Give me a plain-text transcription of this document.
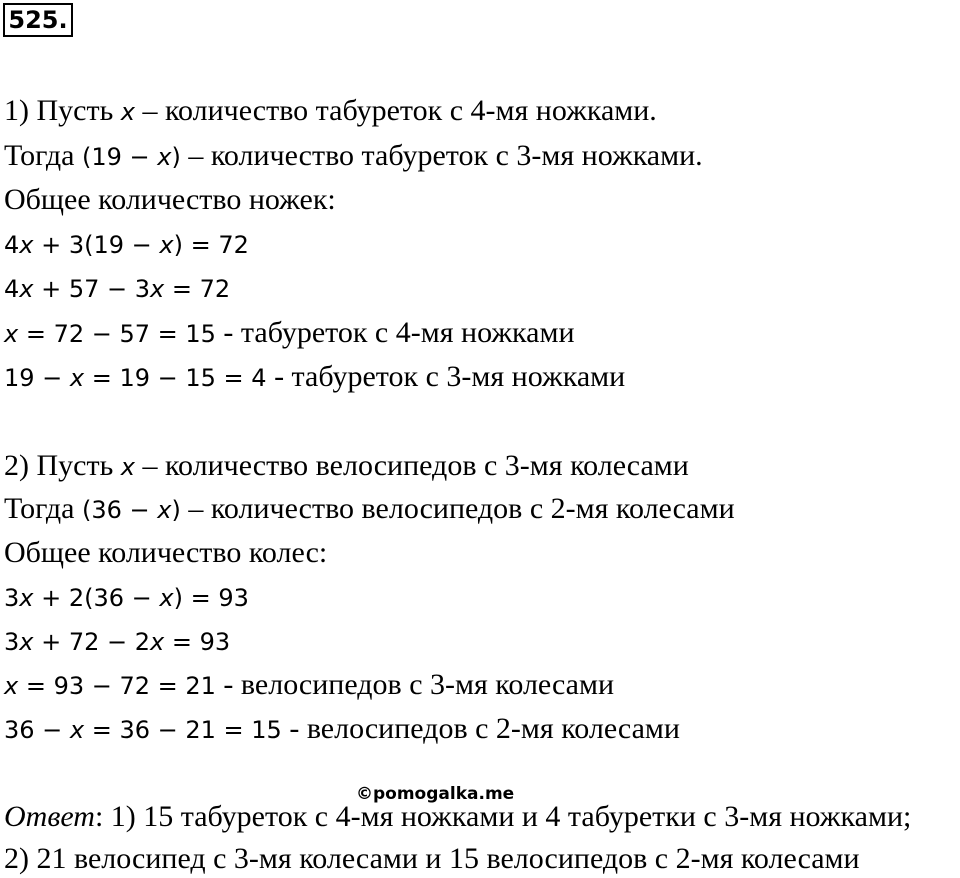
525.
1) Пусть x – количество табуреток с 4-мя ножками.
Тогда (19 − x) – количество табуреток с 3-мя ножками.
Общее количество ножек:
4x + 3(19 − x) = 72
4x + 57 − 3x = 72
x = 72 − 57 = 15 - табуреток с 4-мя ножками
19 − x = 19 − 15 = 4 - табуреток с 3-мя ножками
2) Пусть x – количество велосипедов с 3-мя колесами
Тогда (36 − x) – количество велосипедов с 2-мя колесами
Общее количество колес:
3x + 2(36 − x) = 93
3x + 72 − 2x = 93
x = 93 − 72 = 21 - велосипедов с 3-мя колесами
36 − x = 36 − 21 = 15 - велосипедов с 2-мя колесами
©pomogalka.me
Ответ: 1) 15 табуреток с 4-мя ножками и 4 табуретки с 3-мя ножками;
2) 21 велосипед с 3-мя колесами и 15 велосипедов с 2-мя колесами
